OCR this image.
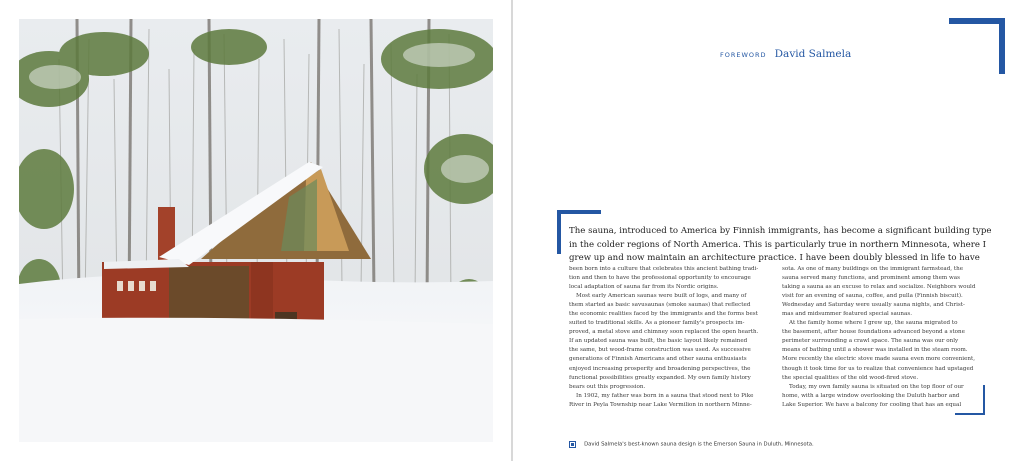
FOREWORD David Salmela

The sauna, introduced to America by Finnish immigrants, has become a significant building type
in the colder regions of North America. This is particularly true in northern Minnesota, where I
grew up and now maintain an architecture practice. I have been doubly blessed in life to have

been born into a culture that celebrates this ancient bathing tradi-
tion and then to have the professional opportunity to encourage
local adaptation of sauna far from its Nordic origins.
Most early American saunas were built of logs, and many of
them started as basic savusaunas (smoke saunas) that reflected
the economic realities faced by the immigrants and the forms best
suited to traditional skills. As a pioneer family's prospects im-
proved, a metal stove and chimney soon replaced the open hearth.
If an updated sauna was built, the basic layout likely remained
the same, but wood-frame construction was used. As successive
generations of Finnish Americans and other sauna enthusiasts
enjoyed increasing prosperity and broadening perspectives, the
functional possibilities greatly expanded. My own family history
bears out this progression.
In 1902, my father was born in a sauna that stood next to Pike
River in Peyla Township near Lake Vermilion in northern Minne-
sota. As one of many buildings on the immigrant farmstead, the
sauna served many functions, and prominent among them was
taking a sauna as an excuse to relax and socialize. Neighbors would
visit for an evening of sauna, coffee, and pulla (Finnish biscuit).
Wednesday and Saturday were usually sauna nights, and Christ-
mas and midsummer featured special saunas.
At the family home where I grew up, the sauna migrated to
the basement, after house foundations advanced beyond a stone
perimeter surrounding a crawl space. The sauna was our only
means of bathing until a shower was installed in the steam room.
More recently the electric stove made sauna even more convenient,
though it took time for us to realize that convenience had upstaged
the special qualities of the old wood-fired stove.
Today, my own family sauna is situated on the top floor of our
home, with a large window overlooking the Duluth harbor and
Lake Superior. We have a balcony for cooling that has an equal
David Salmela's best-known sauna design is the Emerson Sauna in Duluth, Minnesota.
